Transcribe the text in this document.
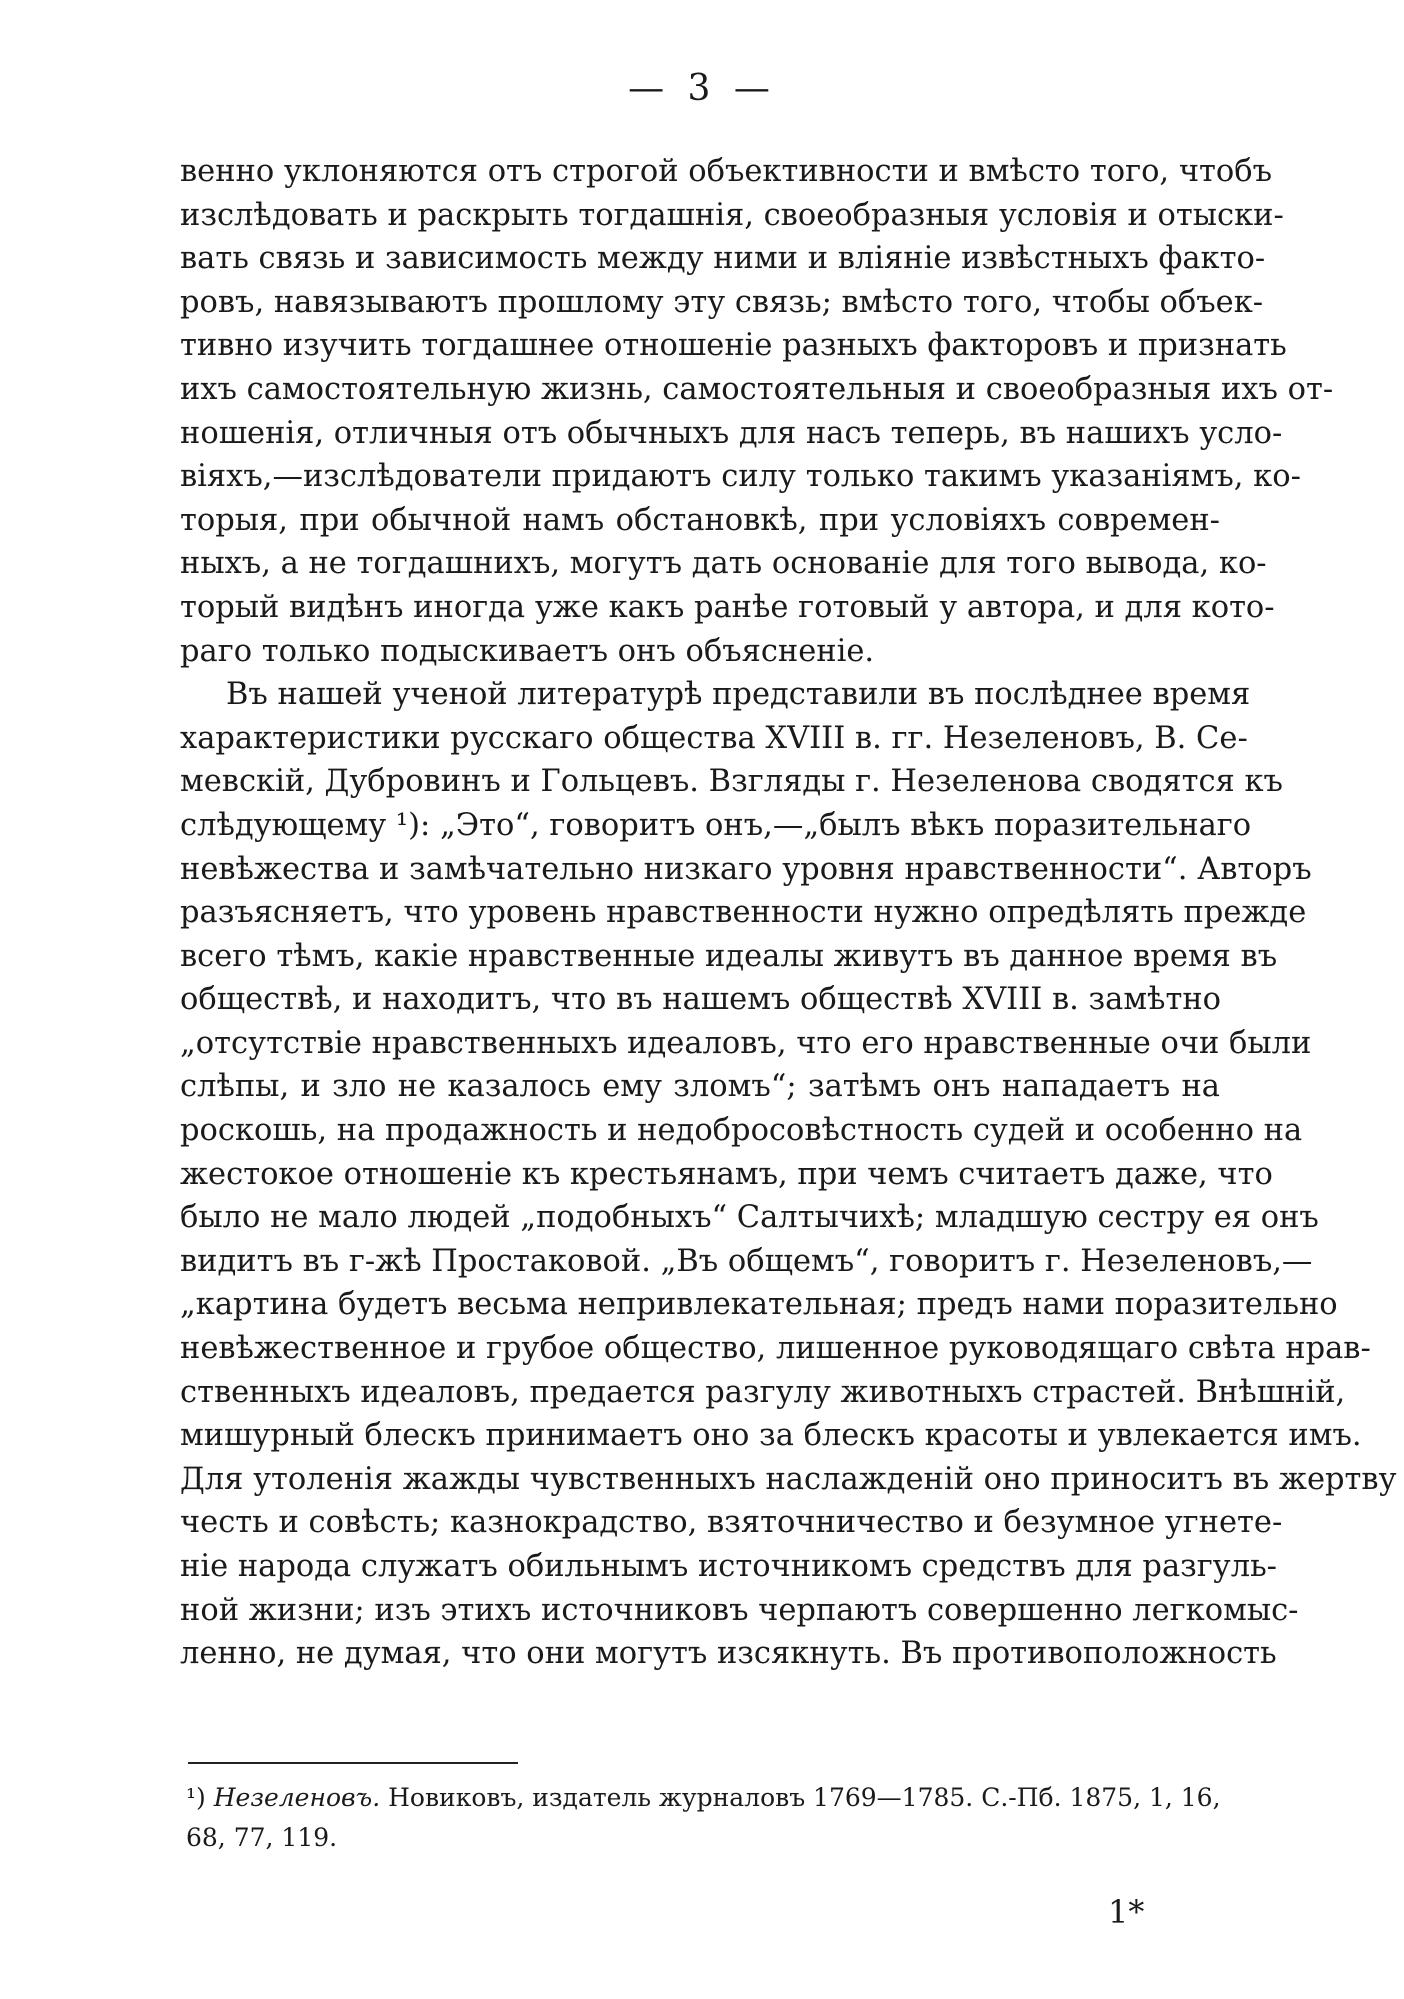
— 3 —
венно уклоняются отъ строгой объективности и вмѣсто того, чтобъ
изслѣдовать и раскрыть тогдашнія, своеобразныя условія и отыски-
вать связь и зависимость между ними и вліяніе извѣстныхъ факто-
ровъ, навязываютъ прошлому эту связь; вмѣсто того, чтобы объек-
тивно изучить тогдашнее отношеніе разныхъ факторовъ и признать
ихъ самостоятельную жизнь, самостоятельныя и своеобразныя ихъ от-
ношенія, отличныя отъ обычныхъ для насъ теперь, въ нашихъ усло-
віяхъ,—изслѣдователи придаютъ силу только такимъ указаніямъ, ко-
торыя, при обычной намъ обстановкѣ, при условіяхъ современ-
ныхъ, а не тогдашнихъ, могутъ дать основаніе для того вывода, ко-
торый видѣнъ иногда уже какъ ранѣе готовый у автора, и для кото-
раго только подыскиваетъ онъ объясненіе.
Въ нашей ученой литературѣ представили въ послѣднее время
характеристики русскаго общества XVIII в. гг. Незеленовъ, В. Се-
мевскій, Дубровинъ и Гольцевъ. Взгляды г. Незеленова сводятся къ
слѣдующему ¹): „Это“, говоритъ онъ,—„былъ вѣкъ поразительнаго
невѣжества и замѣчательно низкаго уровня нравственности“. Авторъ
разъясняетъ, что уровень нравственности нужно опредѣлять прежде
всего тѣмъ, какіе нравственные идеалы живутъ въ данное время въ
обществѣ, и находитъ, что въ нашемъ обществѣ XVIII в. замѣтно
„отсутствіе нравственныхъ идеаловъ, что его нравственные очи были
слѣпы, и зло не казалось ему зломъ“; затѣмъ онъ нападаетъ на
роскошь, на продажность и недобросовѣстность судей и особенно на
жестокое отношеніе къ крестьянамъ, при чемъ считаетъ даже, что
было не мало людей „подобныхъ“ Салтычихѣ; младшую сестру ея онъ
видитъ въ г-жѣ Простаковой. „Въ общемъ“, говоритъ г. Незеленовъ,—
„картина будетъ весьма непривлекательная; предъ нами поразительно
невѣжественное и грубое общество, лишенное руководящаго свѣта нрав-
ственныхъ идеаловъ, предается разгулу животныхъ страстей. Внѣшній,
мишурный блескъ принимаетъ оно за блескъ красоты и увлекается имъ.
Для утоленія жажды чувственныхъ наслажденій оно приноситъ въ жертву
честь и совѣсть; казнокрадство, взяточничество и безумное угнете-
ніе народа служатъ обильнымъ источникомъ средствъ для разгуль-
ной жизни; изъ этихъ источниковъ черпаютъ совершенно легкомыс-
ленно, не думая, что они могутъ изсякнуть. Въ противоположность
¹) Незеленовъ. Новиковъ, издатель журналовъ 1769—1785. С.-Пб. 1875, 1, 16,
68, 77, 119.
1*
